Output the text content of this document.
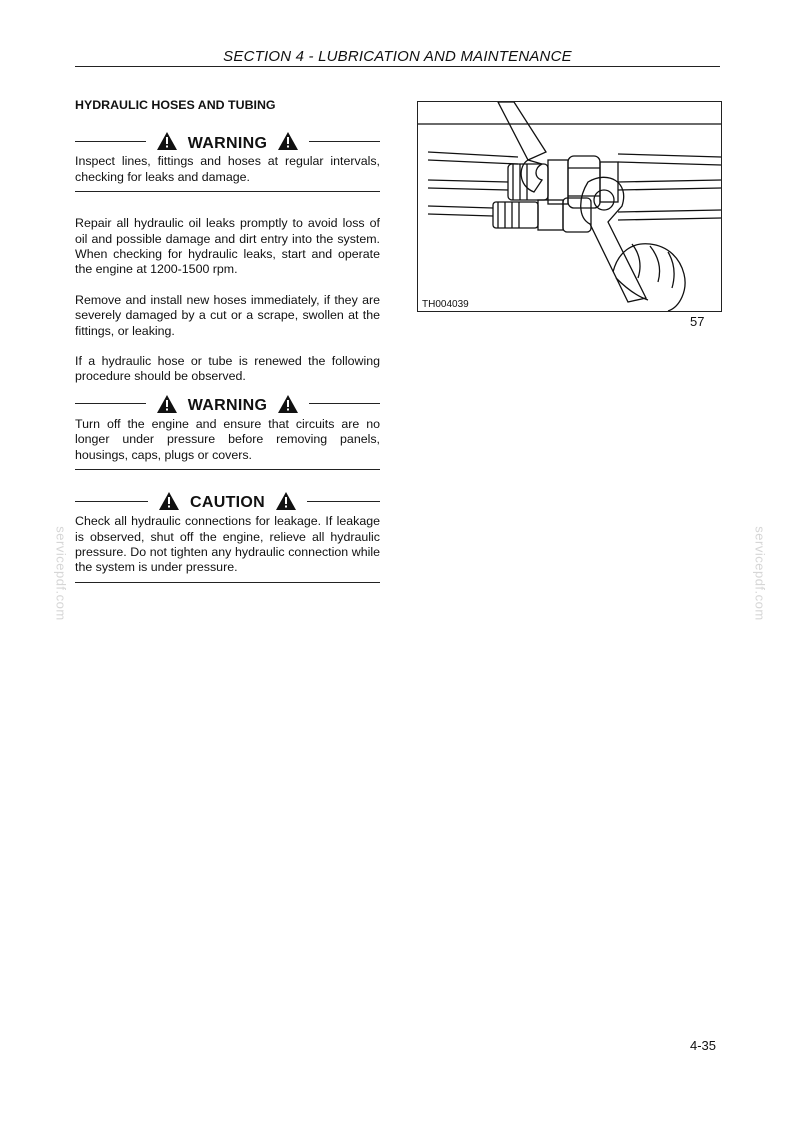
SECTION 4 - LUBRICATION AND MAINTENANCE
HYDRAULIC HOSES AND TUBING
WARNING
Inspect lines, fittings and hoses at regular intervals, checking for leaks and damage.

Repair all hydraulic oil leaks promptly to avoid loss of oil and possible damage and dirt entry into the system. When checking for hydraulic leaks, start and operate the engine at 1200-1500 rpm.

Remove and install new hoses immediately, if they are severely damaged by a cut or a scrape, swollen at the fittings, or leaking.

If a hydraulic hose or tube is renewed the following procedure should be observed.

WARNING
Turn off the engine and ensure that circuits are no longer under pressure before removing panels, housings, caps, plugs or covers.
CAUTION
Check all hydraulic connections for leakage. If leakage is observed, shut off the engine, relieve all hydraulic pressure. Do not tighten any hydraulic connection while the system is under pressure.
TH004039
57
servicepdf.com	servicepdf.com
4-35
